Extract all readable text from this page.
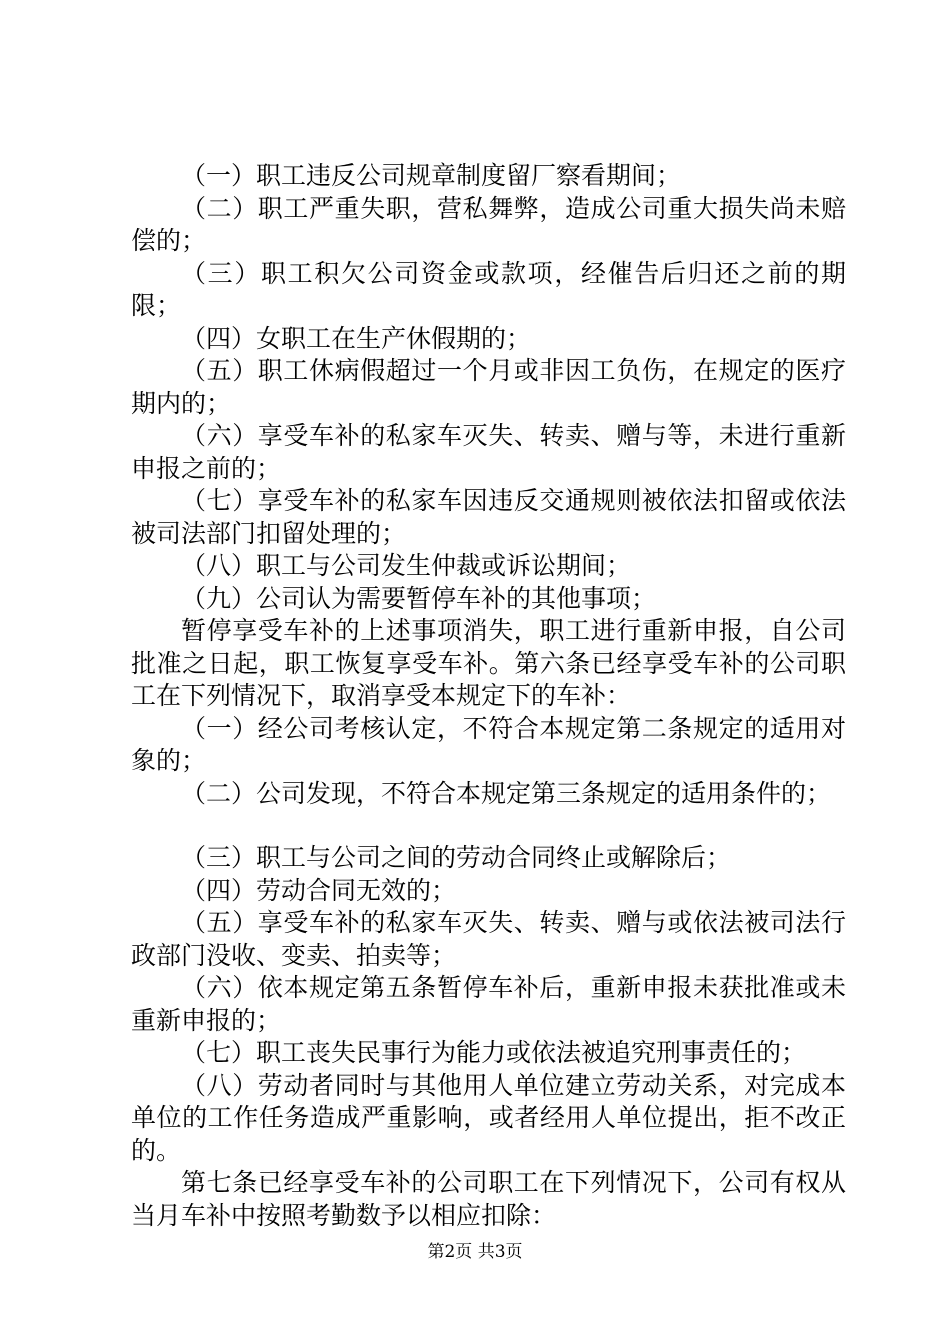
（一）职工违反公司规章制度留厂察看期间；

（二）职工严重失职，营私舞弊，造成公司重大损失尚未赔偿的；

（三）职工积欠公司资金或款项，经催告后归还之前的期限；

（四）女职工在生产休假期的；

（五）职工休病假超过一个月或非因工负伤，在规定的医疗期内的；

（六）享受车补的私家车灭失、转卖、赠与等，未进行重新申报之前的；

（七）享受车补的私家车因违反交通规则被依法扣留或依法被司法部门扣留处理的；

（八）职工与公司发生仲裁或诉讼期间；

（九）公司认为需要暂停车补的其他事项；

暂停享受车补的上述事项消失，职工进行重新申报，自公司批准之日起，职工恢复享受车补。第六条已经享受车补的公司职工在下列情况下，取消享受本规定下的车补：

（一）经公司考核认定，不符合本规定第二条规定的适用对象的；

（二）公司发现，不符合本规定第三条规定的适用条件的；

（三）职工与公司之间的劳动合同终止或解除后；

（四）劳动合同无效的；

（五）享受车补的私家车灭失、转卖、赠与或依法被司法行政部门没收、变卖、拍卖等；

（六）依本规定第五条暂停车补后，重新申报未获批准或未重新申报的；

（七）职工丧失民事行为能力或依法被追究刑事责任的；

（八）劳动者同时与其他用人单位建立劳动关系，对完成本单位的工作任务造成严重影响，或者经用人单位提出，拒不改正的。

第七条已经享受车补的公司职工在下列情况下，公司有权从当月车补中按照考勤数予以相应扣除：

第2页 共3页
